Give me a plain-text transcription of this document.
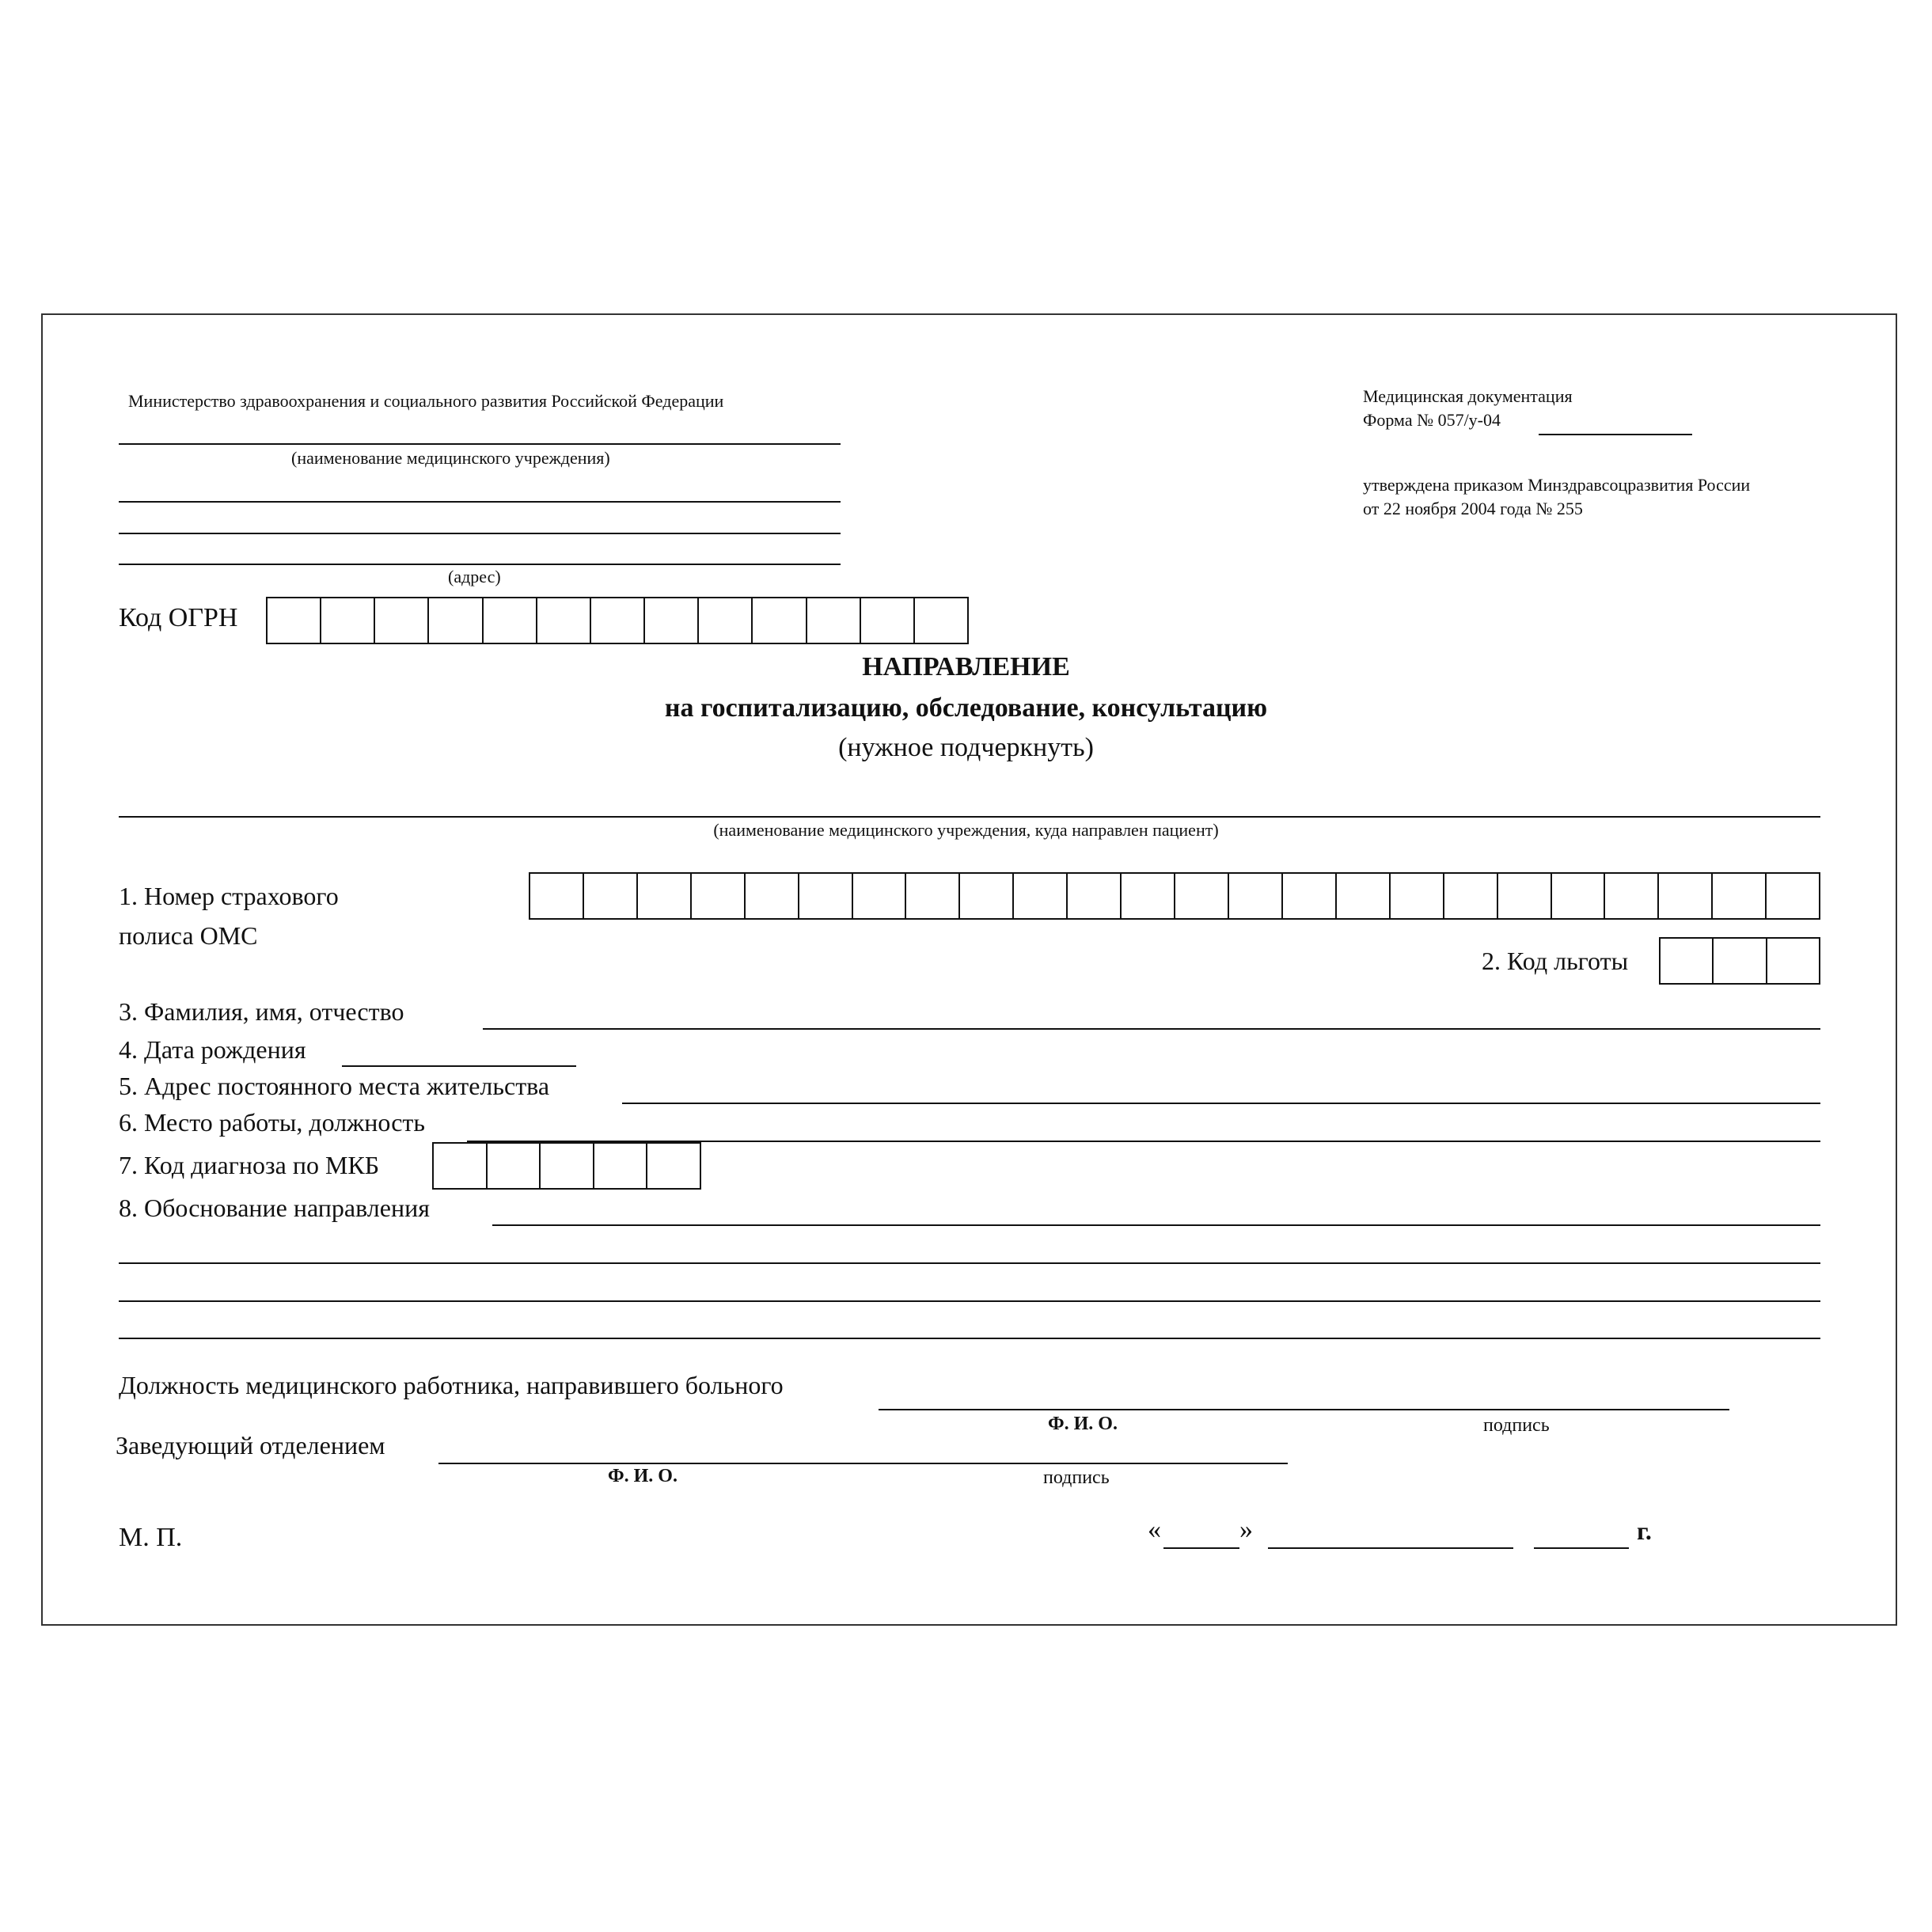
Министерство здравоохранения и социального развития Российской Федерации
(наименование медицинского учреждения)
(адрес)
Код ОГРН
Медицинская документация
Форма № 057/у-04
утверждена приказом Минздравсоцразвития России
от 22 ноября 2004 года № 255
НАПРАВЛЕНИЕ
на госпитализацию, обследование, консультацию
(нужное подчеркнуть)
(наименование медицинского учреждения, куда направлен пациент)
1. Номер страхового
полиса ОМС
2. Код льготы
3. Фамилия, имя, отчество
4. Дата рождения
5. Адрес постоянного места жительства
6. Место работы, должность
7. Код диагноза по МКБ
8. Обоснование направления
Должность медицинского работника, направившего больного
Ф. И. О.	подпись
Заведующий отделением
Ф. И. О.	подпись
М. П.	«	»	г.
